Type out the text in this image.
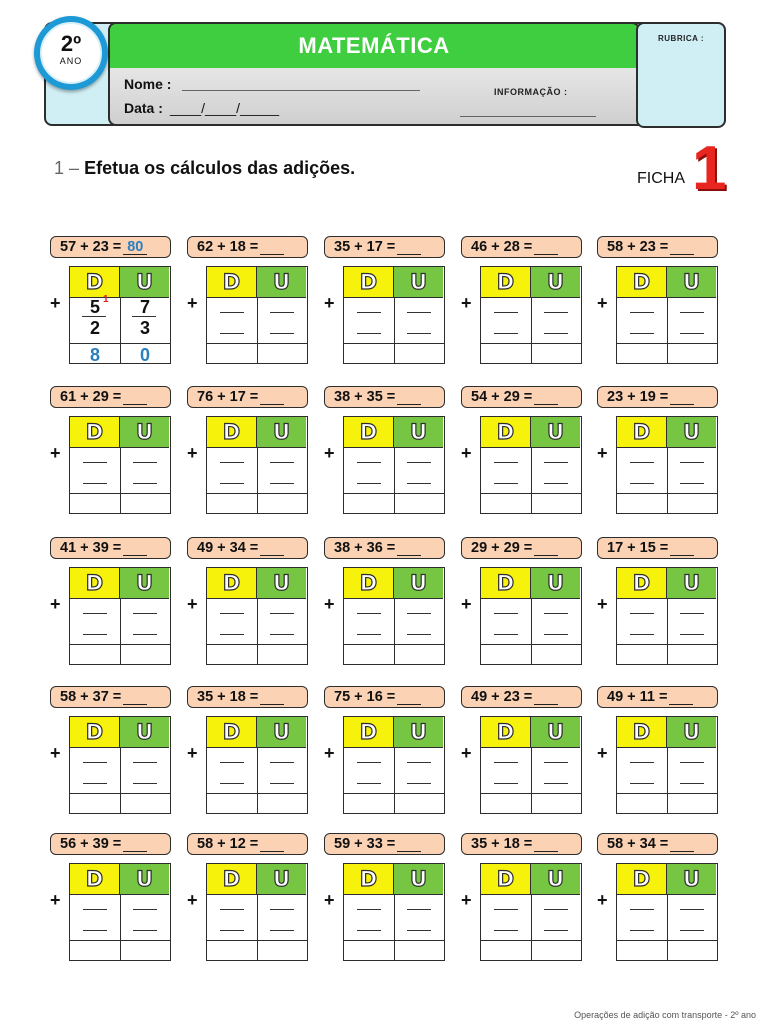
MATEMÁTICA
Nome :
Data : ____/____/_____
INFORMAÇÃO :
RUBRICA :
2º
ANO
1 – Efetua os cálculos das adições.
FICHA 1
57 + 23 = 80
+
D U
5 1	7
2	3
8	0
62 + 18 =
+
D U
35 + 17 =
+
D U
46 + 28 =
+
D U
58 + 23 =
+
D U
61 + 29 =
+
D U
76 + 17 =
+
D U
38 + 35 =
+
D U
54 + 29 =
+
D U
23 + 19 =
+
D U
41 + 39 =
+
D U
49 + 34 =
+
D U
38 + 36 =
+
D U
29 + 29 =
+
D U
17 + 15 =
+
D U
58 + 37 =
+
D U
35 + 18 =
+
D U
75 + 16 =
+
D U
49 + 23 =
+
D U
49 + 11 =
+
D U
56 + 39 =
+
D U
58 + 12 =
+
D U
59 + 33 =
+
D U
35 + 18 =
+
D U
58 + 34 =
+
D U
Operações de adição com transporte - 2º ano
